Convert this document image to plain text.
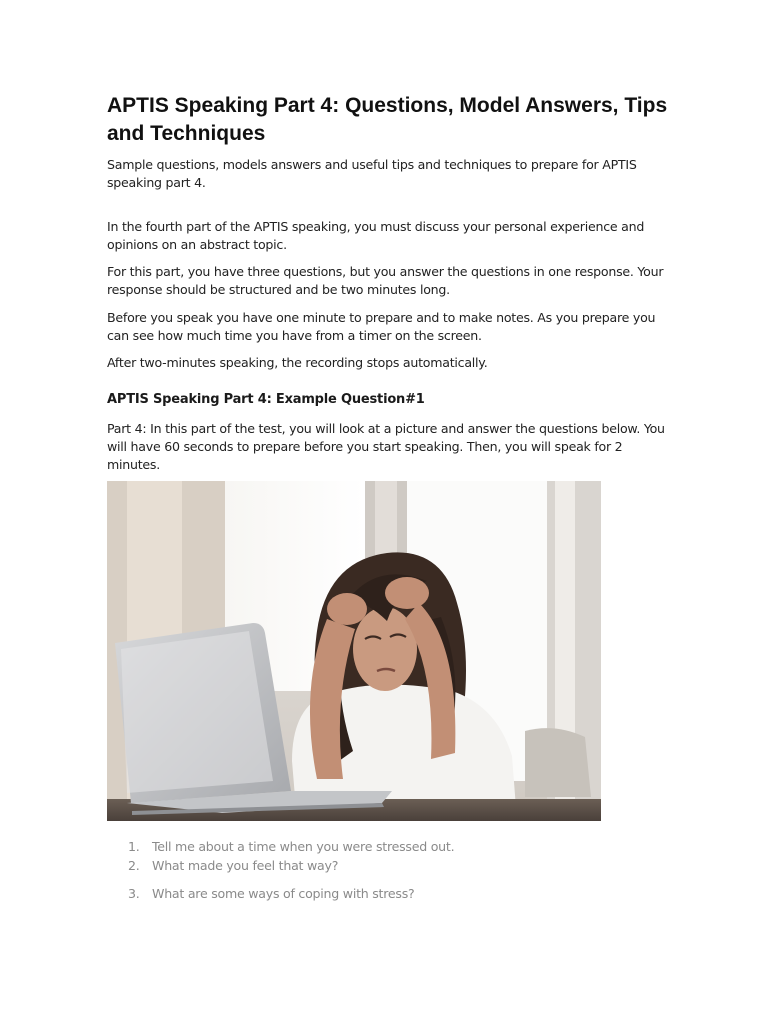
APTIS Speaking Part 4: Questions, Model Answers, Tips and Techniques

Sample questions, models answers and useful tips and techniques to prepare for APTIS speaking part 4.

In the fourth part of the APTIS speaking, you must discuss your personal experience and opinions on an abstract topic.

For this part, you have three questions, but you answer the questions in one response. Your response should be structured and be two minutes long.

Before you speak you have one minute to prepare and to make notes. As you prepare you can see how much time you have from a timer on the screen.

After two-minutes speaking, the recording stops automatically.

APTIS Speaking Part 4: Example Question#1

Part 4: In this part of the test, you will look at a picture and answer the questions below. You will have 60 seconds to prepare before you start speaking. Then, you will speak for 2 minutes.

1. Tell me about a time when you were stressed out.
2. What made you feel that way?
3. What are some ways of coping with stress?
